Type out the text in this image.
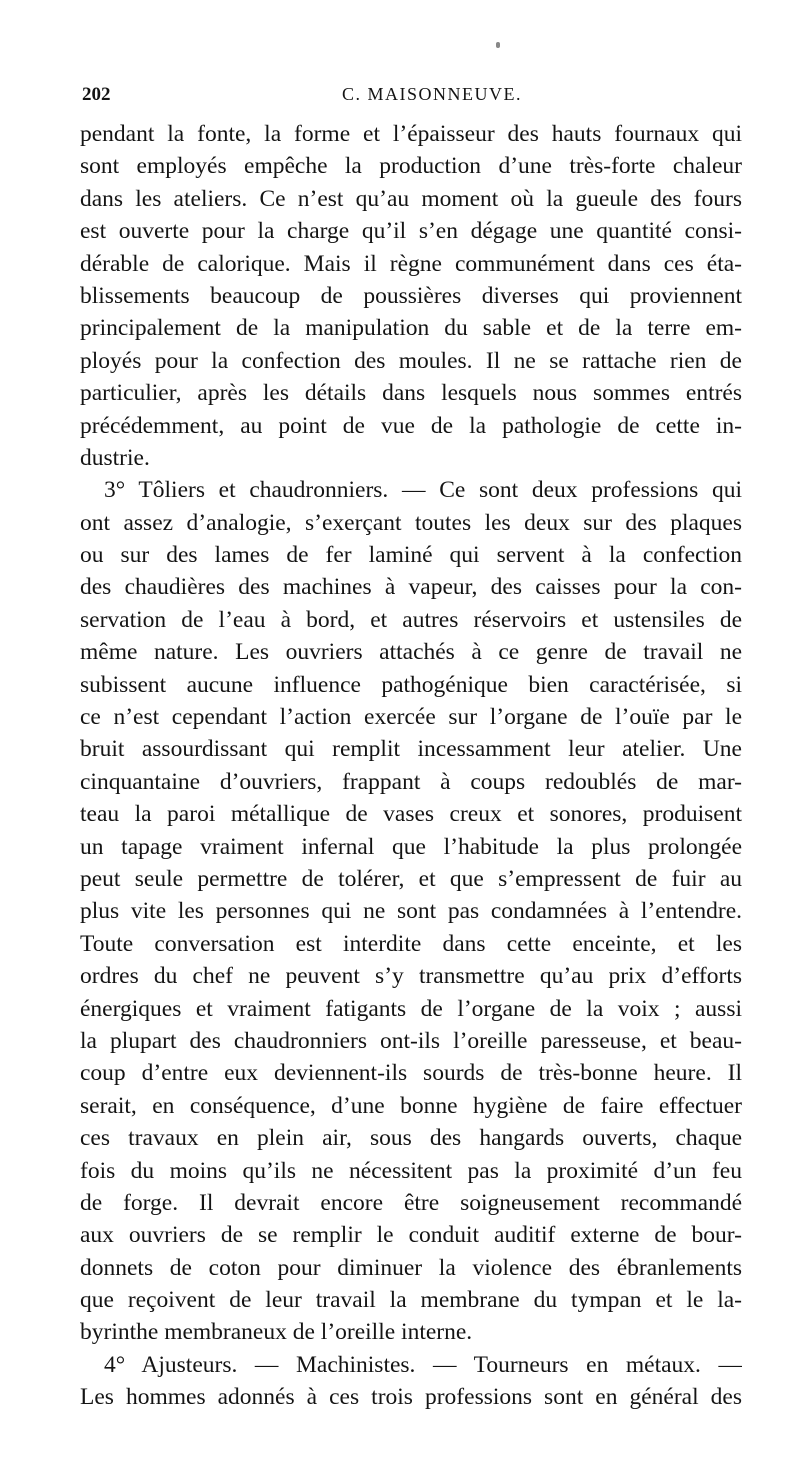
202	C. MAISONNEUVE.
pendant la fonte, la forme et l’épaisseur des hauts fournaux qui
sont employés empêche la production d’une très-forte chaleur
dans les ateliers. Ce n’est qu’au moment où la gueule des fours
est ouverte pour la charge qu’il s’en dégage une quantité consi-
dérable de calorique. Mais il règne communément dans ces éta-
blissements beaucoup de poussières diverses qui proviennent
principalement de la manipulation du sable et de la terre em-
ployés pour la confection des moules. Il ne se rattache rien de
particulier, après les détails dans lesquels nous sommes entrés
précédemment, au point de vue de la pathologie de cette in-
dustrie.
3° Tôliers et chaudronniers. — Ce sont deux professions qui
ont assez d’analogie, s’exerçant toutes les deux sur des plaques
ou sur des lames de fer laminé qui servent à la confection
des chaudières des machines à vapeur, des caisses pour la con-
servation de l’eau à bord, et autres réservoirs et ustensiles de
même nature. Les ouvriers attachés à ce genre de travail ne
subissent aucune influence pathogénique bien caractérisée, si
ce n’est cependant l’action exercée sur l’organe de l’ouïe par le
bruit assourdissant qui remplit incessamment leur atelier. Une
cinquantaine d’ouvriers, frappant à coups redoublés de mar-
teau la paroi métallique de vases creux et sonores, produisent
un tapage vraiment infernal que l’habitude la plus prolongée
peut seule permettre de tolérer, et que s’empressent de fuir au
plus vite les personnes qui ne sont pas condamnées à l’entendre.
Toute conversation est interdite dans cette enceinte, et les
ordres du chef ne peuvent s’y transmettre qu’au prix d’efforts
énergiques et vraiment fatigants de l’organe de la voix ; aussi
la plupart des chaudronniers ont-ils l’oreille paresseuse, et beau-
coup d’entre eux deviennent-ils sourds de très-bonne heure. Il
serait, en conséquence, d’une bonne hygiène de faire effectuer
ces travaux en plein air, sous des hangards ouverts, chaque
fois du moins qu’ils ne nécessitent pas la proximité d’un feu
de forge. Il devrait encore être soigneusement recommandé
aux ouvriers de se remplir le conduit auditif externe de bour-
donnets de coton pour diminuer la violence des ébranlements
que reçoivent de leur travail la membrane du tympan et le la-
byrinthe membraneux de l’oreille interne.
4° Ajusteurs. — Machinistes. — Tourneurs en métaux. —
Les hommes adonnés à ces trois professions sont en général des
